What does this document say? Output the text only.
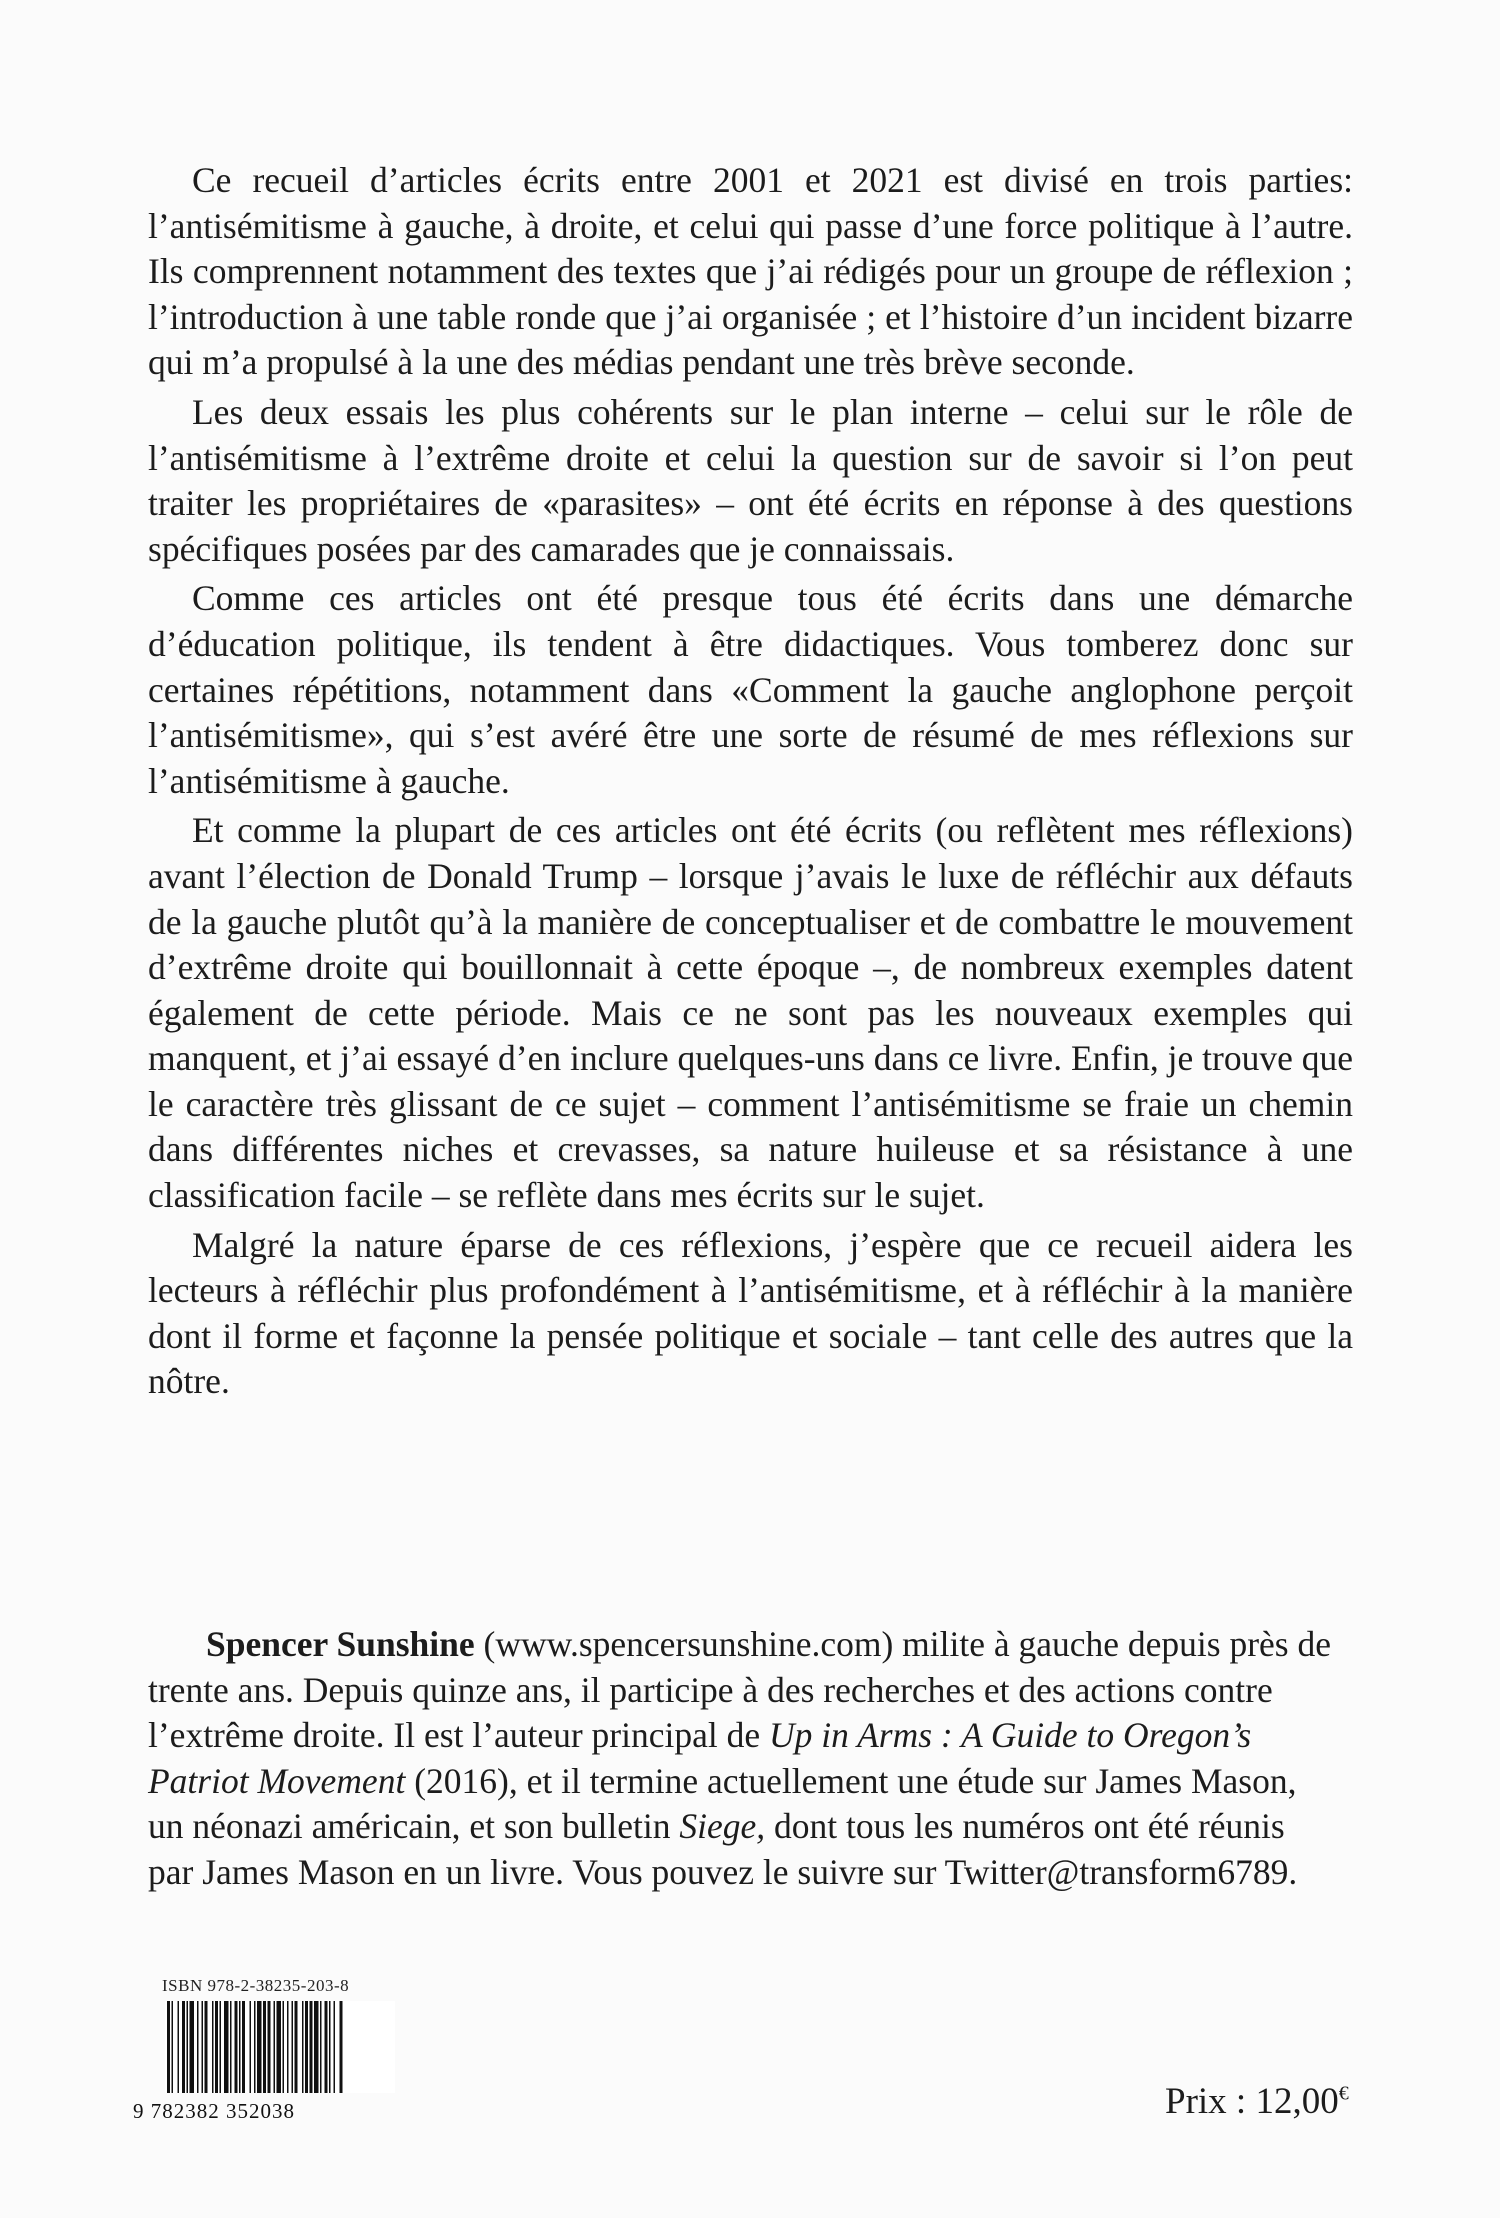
Ce recueil d’articles écrits entre 2001 et 2021 est divisé en trois parties: l’antisémitisme à gauche, à droite, et celui qui passe d’une force politique à l’autre. Ils comprennent notamment des textes que j’ai rédigés pour un groupe de réflexion ; l’introduction à une table ronde que j’ai organisée ; et l’histoire d’un incident bizarre qui m’a propulsé à la une des médias pendant une très brève seconde.

Les deux essais les plus cohérents sur le plan interne – celui sur le rôle de l’antisémitisme à l’extrême droite et celui la question sur de savoir si l’on peut traiter les propriétaires de «parasites» – ont été écrits en réponse à des questions spécifiques posées par des camarades que je connaissais.

Comme ces articles ont été presque tous été écrits dans une démarche d’éducation politique, ils tendent à être didactiques. Vous tomberez donc sur certaines répétitions, notamment dans «Comment la gauche anglophone perçoit l’antisémitisme», qui s’est avéré être une sorte de résumé de mes réflexions sur l’antisémitisme à gauche.

Et comme la plupart de ces articles ont été écrits (ou reflètent mes réflexions) avant l’élection de Donald Trump – lorsque j’avais le luxe de réfléchir aux défauts de la gauche plutôt qu’à la manière de conceptualiser et de combattre le mouvement d’extrême droite qui bouillonnait à cette époque –, de nombreux exemples datent également de cette période. Mais ce ne sont pas les nouveaux exemples qui manquent, et j’ai essayé d’en inclure quelques-uns dans ce livre. Enfin, je trouve que le caractère très glissant de ce sujet – comment l’antisémitisme se fraie un chemin dans différentes niches et crevasses, sa nature huileuse et sa résistance à une classification facile – se reflète dans mes écrits sur le sujet.

Malgré la nature éparse de ces réflexions, j’espère que ce recueil aidera les lecteurs à réfléchir plus profondément à l’antisémitisme, et à réfléchir à la manière dont il forme et façonne la pensée politique et sociale – tant celle des autres que la nôtre.

Spencer Sunshine (www.spencersunshine.com) milite à gauche depuis près de trente ans. Depuis quinze ans, il participe à des recherches et des actions contre l’extrême droite. Il est l’auteur principal de Up in Arms : A Guide to Oregon’s Patriot Movement (2016), et il termine actuellement une étude sur James Mason, un néonazi américain, et son bulletin Siege, dont tous les numéros ont été réunis par James Mason en un livre. Vous pouvez le suivre sur Twitter@transform6789.

ISBN 978-2-38235-203-8
9 782382 352038	Prix : 12,00€
